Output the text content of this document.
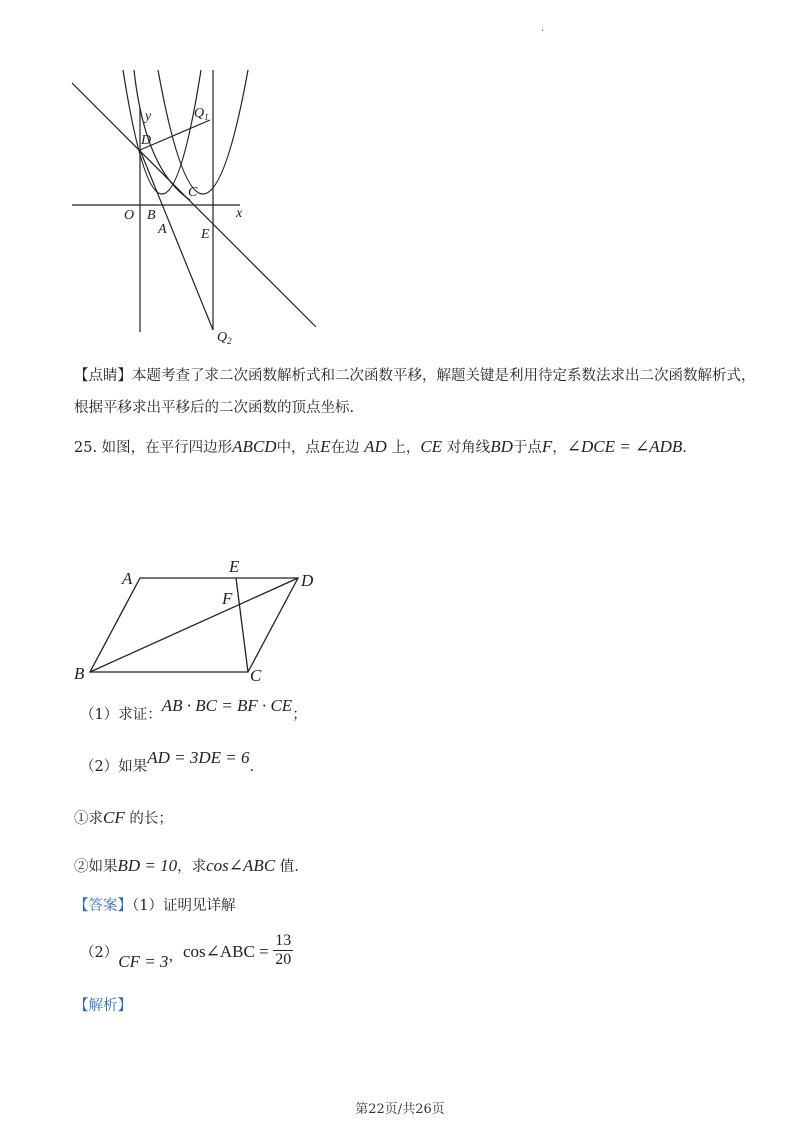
·
y
x
O
D
B
A
C
E
$Q_1$
$Q_2$
【点睛】本题考查了求二次函数解析式和二次函数平移，解题关键是利用待定系数法求出二次函数解析式，
根据平移求出平移后的二次函数的顶点坐标.
25. 如图，在平行四边形ABCD中，点E在边 AD 上，CE 对角线BD于点F，∠DCE = ∠ADB.
A	D
B	C
E
F
（1）求证：AB · BC = BF · CE；
（2）如果AD = 3DE = 6.
①求CF 的长；
②如果BD = 10，求cos∠ABC 值.
【答案】（1）证明见详解
（2）CF = 3，cos∠ABC = $\frac{13}{20}$
【解析】
第22页/共26页
